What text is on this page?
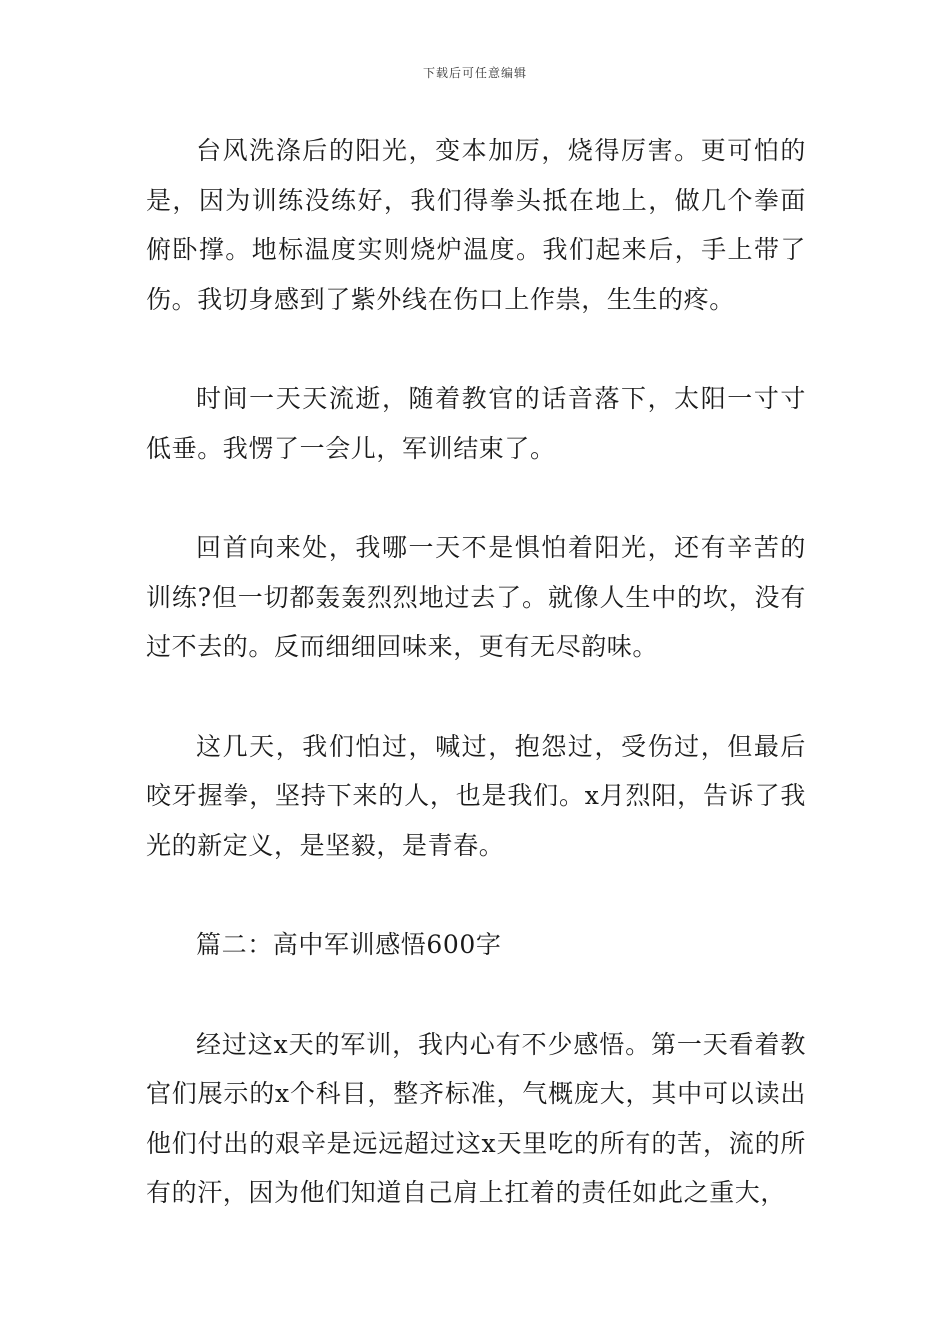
下载后可任意编辑

台风洗涤后的阳光，变本加厉，烧得厉害。更可怕的是，因为训练没练好，我们得拳头抵在地上，做几个拳面俯卧撑。地标温度实则烧炉温度。我们起来后，手上带了伤。我切身感到了紫外线在伤口上作祟，生生的疼。

时间一天天流逝，随着教官的话音落下，太阳一寸寸低垂。我愣了一会儿，军训结束了。

回首向来处，我哪一天不是惧怕着阳光，还有辛苦的训练?但一切都轰轰烈烈地过去了。就像人生中的坎，没有过不去的。反而细细回味来，更有无尽韵味。

这几天，我们怕过，喊过，抱怨过，受伤过，但最后咬牙握拳，坚持下来的人，也是我们。x月烈阳，告诉了我光的新定义，是坚毅，是青春。

篇二：高中军训感悟600字

经过这x天的军训，我内心有不少感悟。第一天看着教官们展示的x个科目，整齐标准，气概庞大，其中可以读出他们付出的艰辛是远远超过这x天里吃的所有的苦，流的所有的汗，因为他们知道自己肩上扛着的责任如此之重大，
